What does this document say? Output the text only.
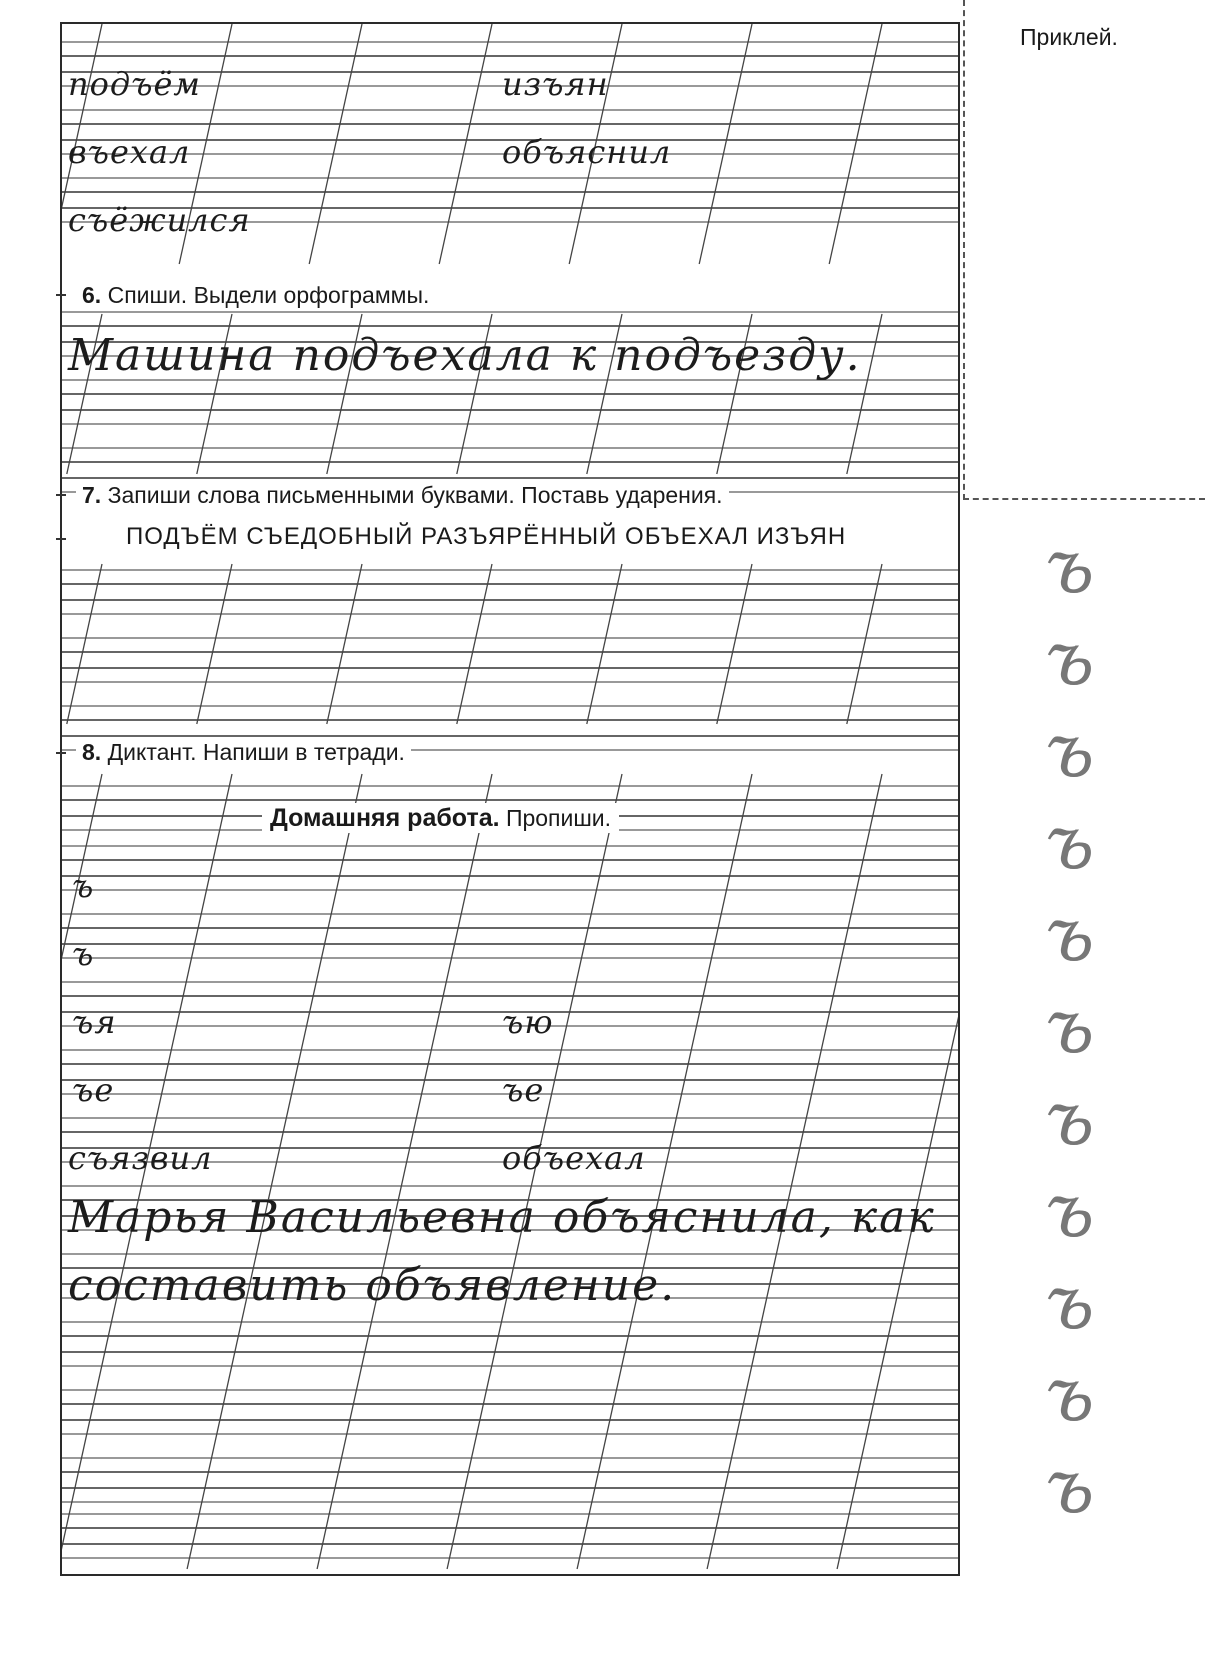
Приклей.
ъ
ъ
ъ
ъ
ъ
ъ
ъ
ъ
ъ
ъ
ъ
подъём	изъян
въехал	объяснил
съёжился
6. Спиши. Выдели орфограммы.
Машина подъехала к подъезду.
7. Запиши слова письменными буквами. Поставь ударения.
ПОДЪЁМ СЪЕДОБНЫЙ РАЗЪЯРЁННЫЙ ОБЪЕХАЛ ИЗЪЯН
8. Диктант. Напиши в тетради.
Домашняя работа. Пропиши.
ъ
ъ
ъя	ъю
ъе	ъе
съязвил	объехал
Марья Васильевна объяснила, как
составить объявление.
